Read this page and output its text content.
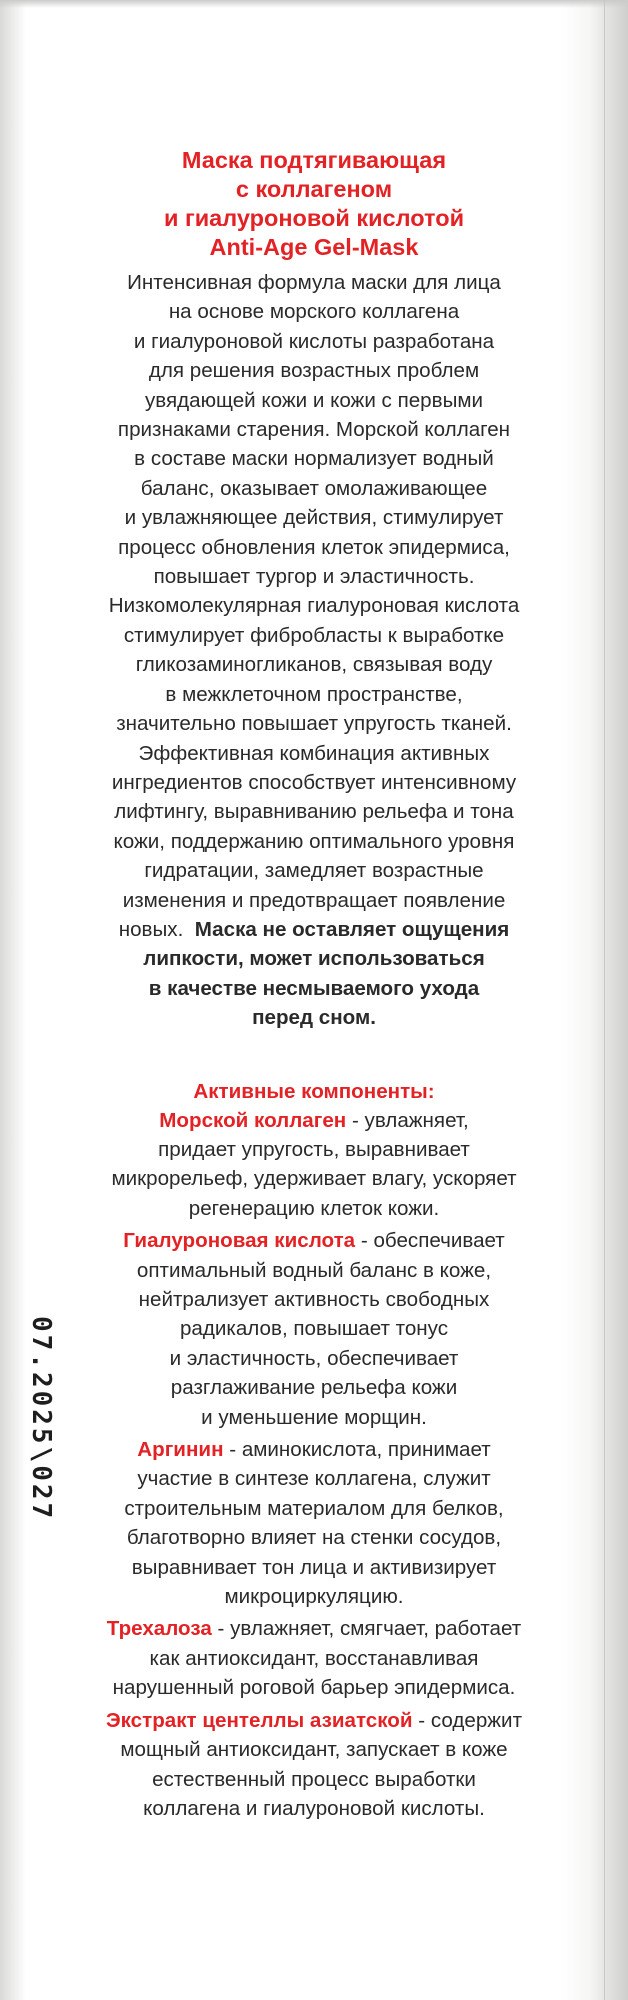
Маска подтягивающая
с коллагеном
и гиалуроновой кислотой
Anti-Age Gel-Mask
Интенсивная формула маски для лица
на основе морского коллагена
и гиалуроновой кислоты разработана
для решения возрастных проблем
увядающей кожи и кожи с первыми
признаками старения. Морской коллаген
в составе маски нормализует водный
баланс, оказывает омолаживающее
и увлажняющее действия, стимулирует
процесс обновления клеток эпидермиса,
повышает тургор и эластичность.
Низкомолекулярная гиалуроновая кислота
стимулирует фибробласты к выработке
гликозаминогликанов, связывая воду
в межклеточном пространстве,
значительно повышает упругость тканей.
Эффективная комбинация активных
ингредиентов способствует интенсивному
лифтингу, выравниванию рельефа и тона
кожи, поддержанию оптимального уровня
гидратации, замедляет возрастные
изменения и предотвращает появление
новых. Маска не оставляет ощущения
липкости, может использоваться
в качестве несмываемого ухода
перед сном.
Активные компоненты:
Морской коллаген - увлажняет,
придает упругость, выравнивает
микрорельеф, удерживает влагу, ускоряет
регенерацию клеток кожи.
Гиалуроновая кислота - обеспечивает
оптимальный водный баланс в коже,
нейтрализует активность свободных
радикалов, повышает тонус
и эластичность, обеспечивает
разглаживание рельефа кожи
и уменьшение морщин.
Аргинин - аминокислота, принимает
участие в синтезе коллагена, служит
строительным материалом для белков,
благотворно влияет на стенки сосудов,
выравнивает тон лица и активизирует
микроциркуляцию.
Трехалоза - увлажняет, смягчает, работает
как антиоксидант, восстанавливая
нарушенный роговой барьер эпидермиса.
Экстракт центеллы азиатской - содержит
мощный антиоксидант, запускает в коже
естественный процесс выработки
коллагена и гиалуроновой кислоты.
07.2025\027
